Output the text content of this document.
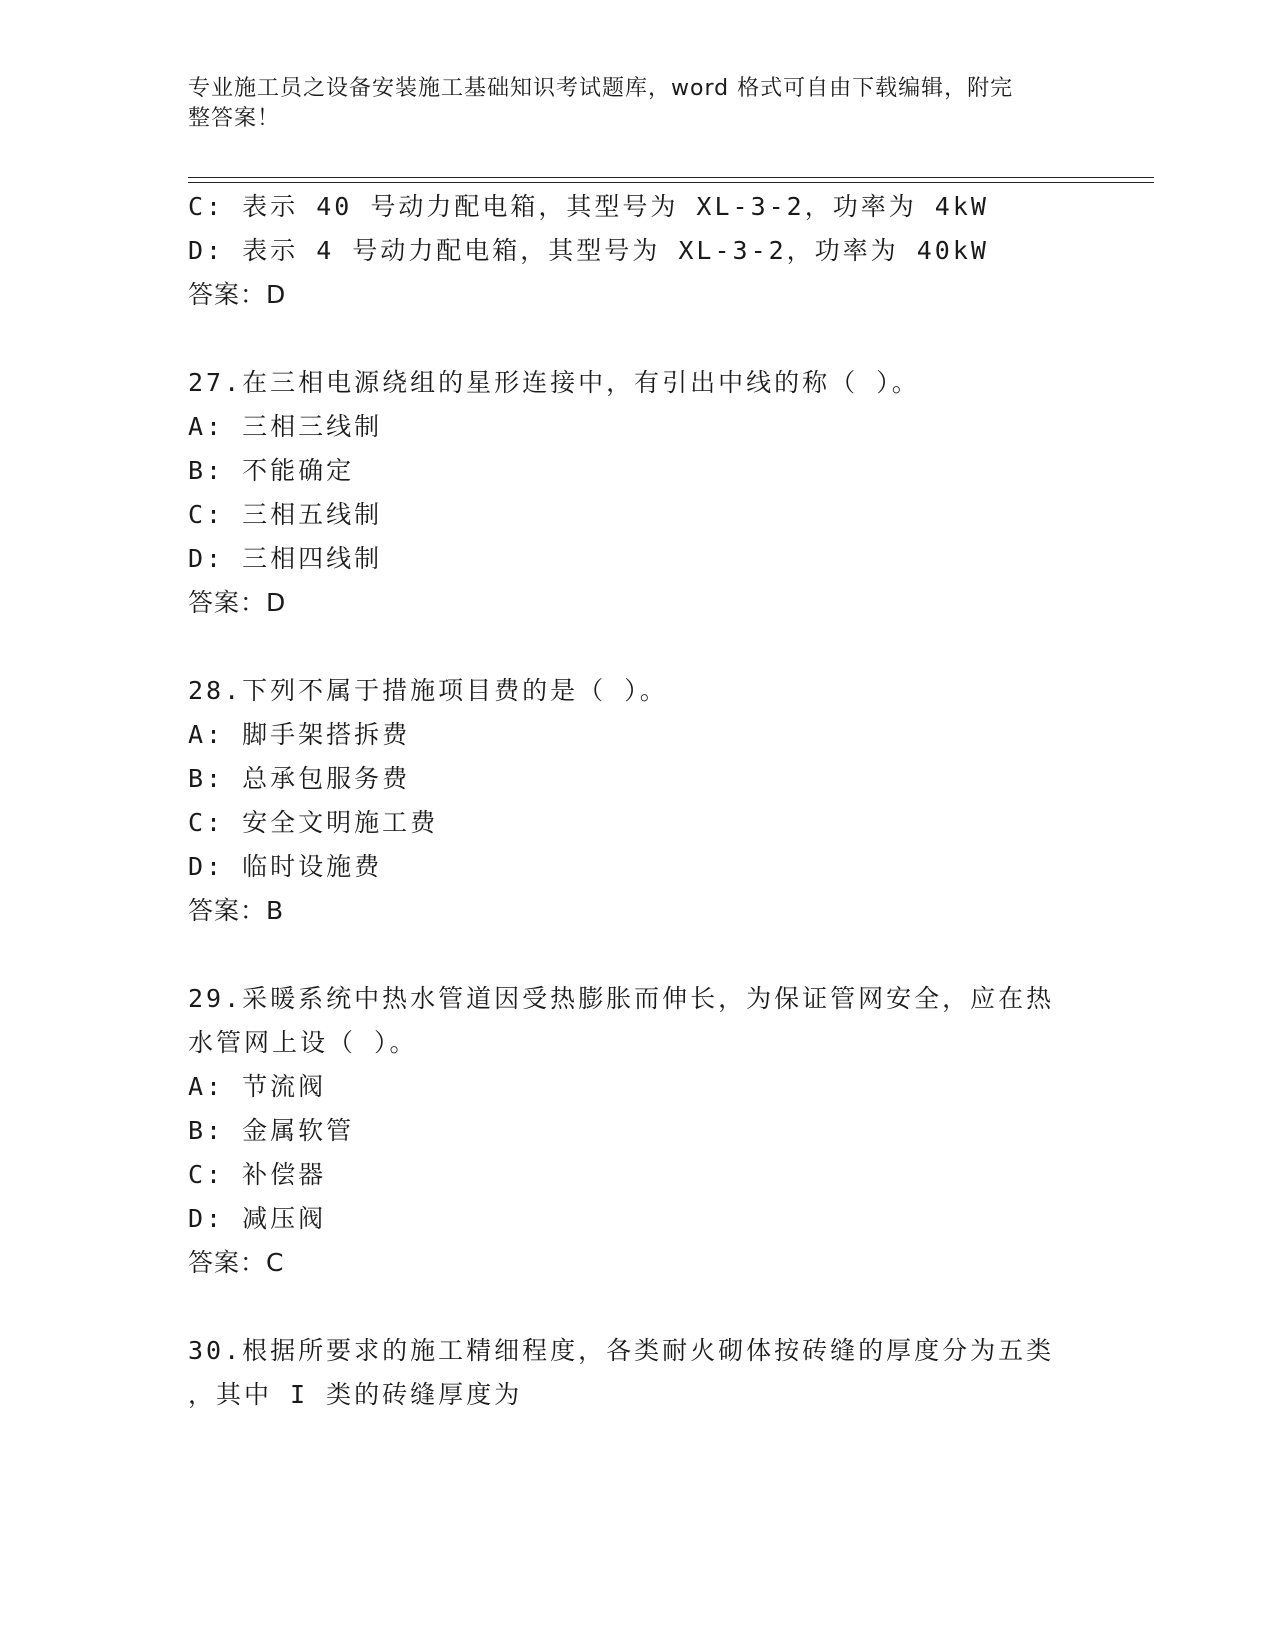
专业施工员之设备安装施工基础知识考试题库，word 格式可自由下载编辑，附完
整答案！
C: 表示 40 号动力配电箱，其型号为 XL-3-2，功率为 4kW
D: 表示 4 号动力配电箱，其型号为 XL-3-2，功率为 40kW
答案：D
27.在三相电源绕组的星形连接中，有引出中线的称（ ）。
A: 三相三线制
B: 不能确定
C: 三相五线制
D: 三相四线制
答案：D
28.下列不属于措施项目费的是（ ）。
A: 脚手架搭拆费
B: 总承包服务费
C: 安全文明施工费
D: 临时设施费
答案：B
29.采暖系统中热水管道因受热膨胀而伸长，为保证管网安全，应在热
水管网上设（ ）。
A: 节流阀
B: 金属软管
C: 补偿器
D: 减压阀
答案：C
30.根据所要求的施工精细程度，各类耐火砌体按砖缝的厚度分为五类
，其中 I 类的砖缝厚度为
